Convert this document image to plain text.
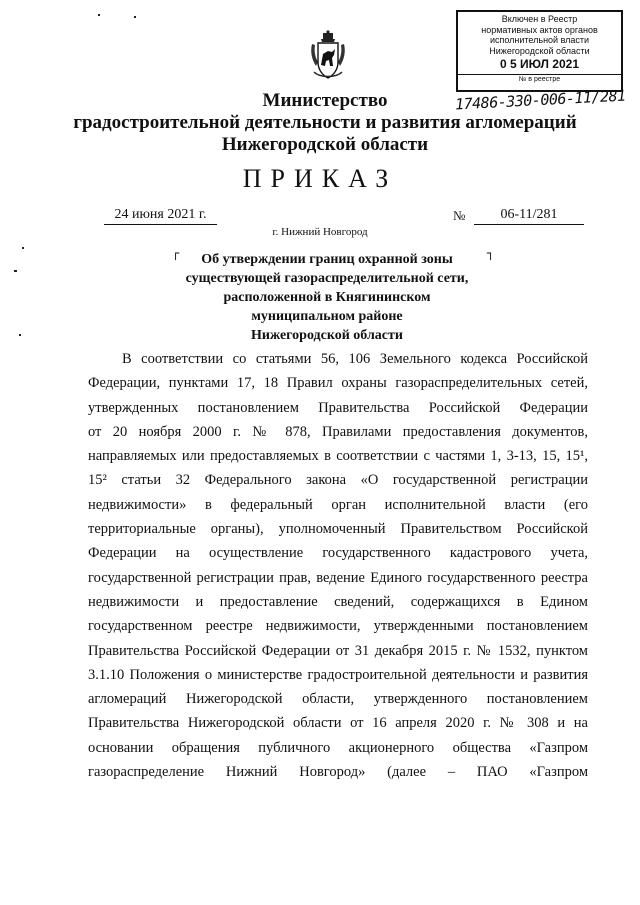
Включен в Реестр
нормативных актов органов
исполнительной власти
Нижегородской области
0 5 ИЮЛ 2021
№ в реестре
17486-330-006-11/281
Министерство
градостроительной деятельности и развития агломераций
Нижегородской области
ПРИКАЗ
24 июня 2021 г.	№	06-11/281
г. Нижний Новгород
┌	┐
Об утверждении границ охранной зоны
существующей газораспределительной сети,
расположенной в Княгининском
муниципальном районе
Нижегородской области
В соответствии со статьями 56, 106 Земельного кодекса Российской
Федерации, пунктами 17, 18 Правил охраны газораспределительных сетей,
утвержденных постановлением Правительства Российской Федерации
от 20 ноября 2000 г. № 878, Правилами предоставления документов,
направляемых или предоставляемых в соответствии с частями 1, 3-13, 15, 15¹,
15² статьи 32 Федерального закона «О государственной регистрации
недвижимости» в федеральный орган исполнительной власти (его
территориальные органы), уполномоченный Правительством Российской
Федерации на осуществление государственного кадастрового учета,
государственной регистрации прав, ведение Единого государственного реестра
недвижимости и предоставление сведений, содержащихся в Едином
государственном реестре недвижимости, утвержденными постановлением
Правительства Российской Федерации от 31 декабря 2015 г. № 1532, пунктом
3.1.10 Положения о министерстве градостроительной деятельности и развития
агломераций Нижегородской области, утвержденного постановлением
Правительства Нижегородской области от 16 апреля 2020 г. № 308 и на
основании обращения публичного акционерного общества «Газпром
газораспределение Нижний Новгород» (далее – ПАО «Газпром
